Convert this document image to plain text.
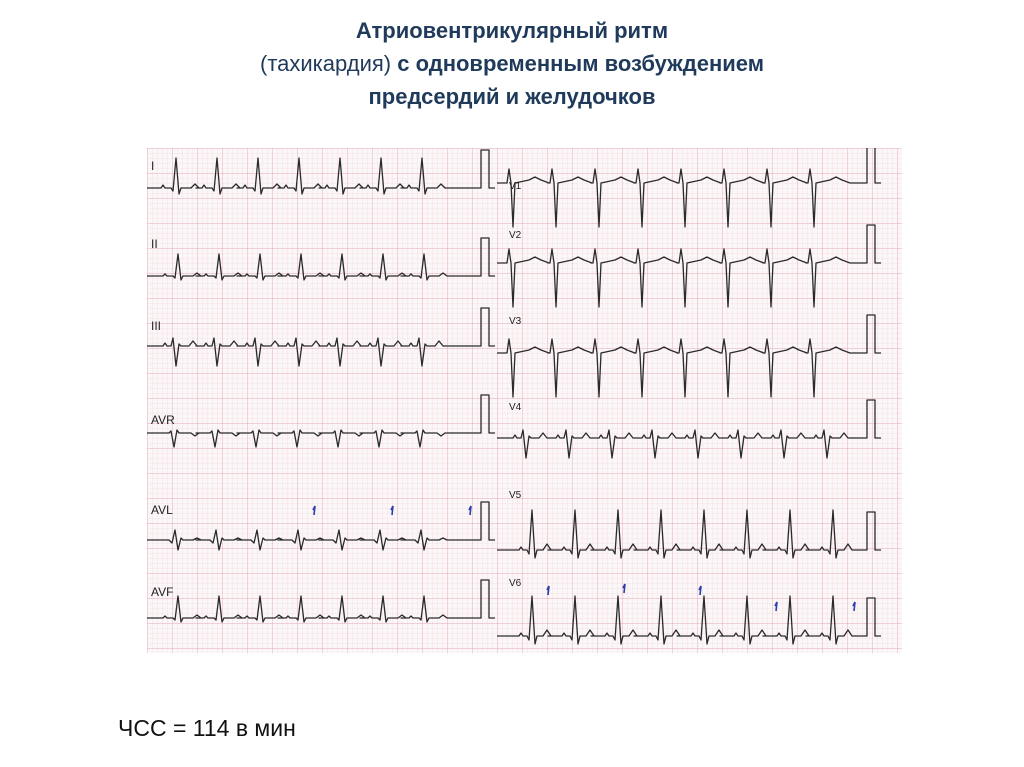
Атриовентрикулярный ритм
(тахикардия) с одновременным возбуждением
предсердий и желудочков
I
II
III
AVR
AVL
AVF
V1
V2
V3
V4
V5
V6
ЧСС = 114 в мин
